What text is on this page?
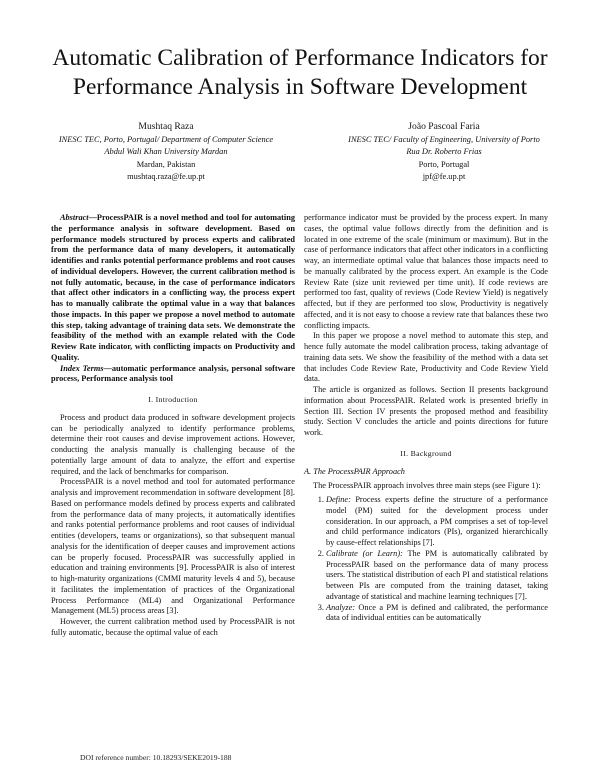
Automatic Calibration of Performance Indicators for Performance Analysis in Software Development
Mushtaq Raza
INESC TEC, Porto, Portugal/ Department of Computer Science
Abdul Wali Khan University Mardan
Mardan, Pakistan
mushtaq.raza@fe.up.pt
João Pascoal Faria
INESC TEC/ Faculty of Engineering, University of Porto
Rua Dr. Roberto Frias
Porto, Portugal
jpf@fe.up.pt

Abstract—ProcessPAIR is a novel method and tool for automating the performance analysis in software development. Based on performance models structured by process experts and calibrated from the performance data of many developers, it automatically identifies and ranks potential performance problems and root causes of individual developers. However, the current calibration method is not fully automatic, because, in the case of performance indicators that affect other indicators in a conflicting way, the process expert has to manually calibrate the optimal value in a way that balances those impacts. In this paper we propose a novel method to automate this step, taking advantage of training data sets. We demonstrate the feasibility of the method with an example related with the Code Review Rate indicator, with conflicting impacts on Productivity and Quality.

Index Terms—automatic performance analysis, personal software process, Performance analysis tool

I. Introduction

Process and product data produced in software development projects can be periodically analyzed to identify performance problems, determine their root causes and devise improvement actions. However, conducting the analysis manually is challenging because of the potentially large amount of data to analyze, the effort and expertise required, and the lack of benchmarks for comparison.

ProcessPAIR is a novel method and tool for automated performance analysis and improvement recommendation in software development [8]. Based on performance models defined by process experts and calibrated from the performance data of many projects, it automatically identifies and ranks potential performance problems and root causes of individual entities (developers, teams or organizations), so that subsequent manual analysis for the identification of deeper causes and improvement actions can be properly focused. ProcessPAIR was successfully applied in education and training environments [9]. ProcessPAIR is also of interest to high-maturity organizations (CMMI maturity levels 4 and 5), because it facilitates the implementation of practices of the Organizational Process Performance (ML4) and Organizational Performance Management (ML5) process areas [3].

However, the current calibration method used by ProcessPAIR is not fully automatic, because the optimal value of each

performance indicator must be provided by the process expert. In many cases, the optimal value follows directly from the definition and is located in one extreme of the scale (minimum or maximum). But in the case of performance indicators that affect other indicators in a conflicting way, an intermediate optimal value that balances those impacts need to be manually calibrated by the process expert. An example is the Code Review Rate (size unit reviewed per time unit). If code reviews are performed too fast, quality of reviews (Code Review Yield) is negatively affected, but if they are performed too slow, Productivity is negatively affected, and it is not easy to choose a review rate that balances these two conflicting impacts.

In this paper we propose a novel method to automate this step, and hence fully automate the model calibration process, taking advantage of training data sets. We show the feasibility of the method with a data set that includes Code Review Rate, Productivity and Code Review Yield data.

The article is organized as follows. Section II presents background information about ProcessPAIR. Related work is presented briefly in Section III. Section IV presents the proposed method and feasibility study. Section V concludes the article and points directions for future work.

II. Background
A. The ProcessPAIR Approach

The ProcessPAIR approach involves three main steps (see Figure 1):

1. Define: Process experts define the structure of a performance model (PM) suited for the development process under consideration. In our approach, a PM comprises a set of top-level and child performance indicators (PIs), organized hierarchically by cause-effect relationships [7].
2. Calibrate (or Learn): The PM is automatically calibrated by ProcessPAIR based on the performance data of many process users. The statistical distribution of each PI and statistical relations between PIs are computed from the training dataset, taking advantage of statistical and machine learning techniques [7].
3. Analyze: Once a PM is defined and calibrated, the performance data of individual entities can be automatically
DOI reference number: 10.18293/SEKE2019-188
